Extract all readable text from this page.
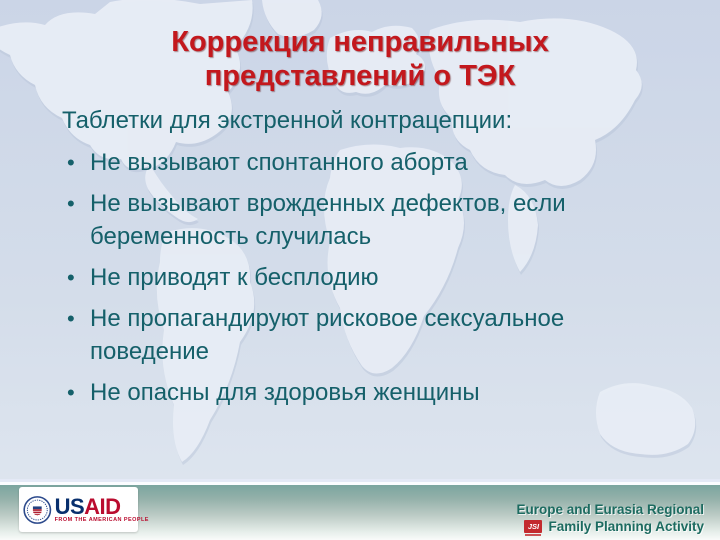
Коррекция неправильных
представлений о ТЭК
Таблетки для экстренной контрацепции:
• Не вызывают спонтанного аборта
• Не вызывают врожденных дефектов, если беременность случилась
• Не приводят к бесплодию
• Не пропагандируют рисковое сексуальное поведение
• Не опасны для здоровья женщины
USAID
FROM THE AMERICAN PEOPLE
Europe and Eurasia Regional
JSI Family Planning Activity
